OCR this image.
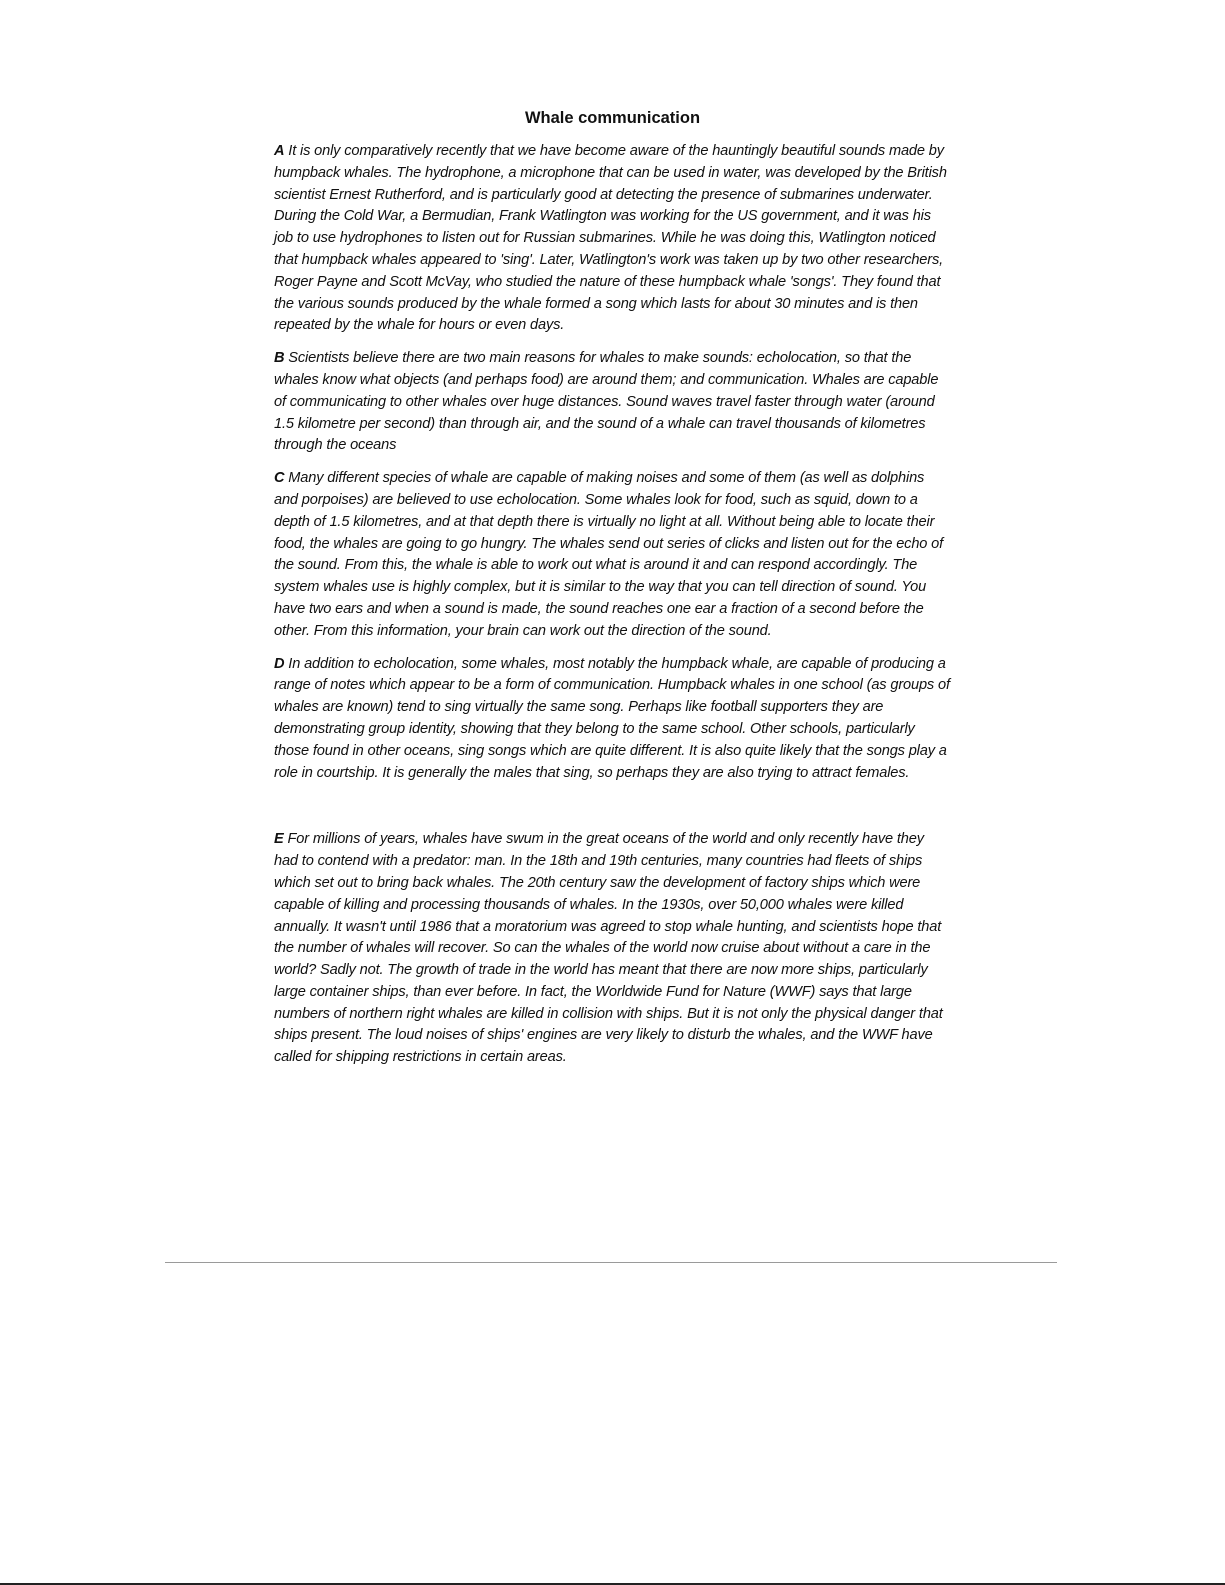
Whale communication

A It is only comparatively recently that we have become aware of the hauntingly beautiful sounds made by humpback whales. The hydrophone, a microphone that can be used in water, was developed by the British scientist Ernest Rutherford, and is particularly good at detecting the presence of submarines underwater. During the Cold War, a Bermudian, Frank Watlington was working for the US government, and it was his job to use hydrophones to listen out for Russian submarines. While he was doing this, Watlington noticed that humpback whales appeared to 'sing'. Later, Watlington's work was taken up by two other researchers, Roger Payne and Scott McVay, who studied the nature of these humpback whale 'songs'. They found that the various sounds produced by the whale formed a song which lasts for about 30 minutes and is then repeated by the whale for hours or even days.

B Scientists believe there are two main reasons for whales to make sounds: echolocation, so that the whales know what objects (and perhaps food) are around them; and communication. Whales are capable of communicating to other whales over huge distances. Sound waves travel faster through water (around 1.5 kilometre per second) than through air, and the sound of a whale can travel thousands of kilometres through the oceans

C Many different species of whale are capable of making noises and some of them (as well as dolphins and porpoises) are believed to use echolocation. Some whales look for food, such as squid, down to a depth of 1.5 kilometres, and at that depth there is virtually no light at all. Without being able to locate their food, the whales are going to go hungry. The whales send out series of clicks and listen out for the echo of the sound. From this, the whale is able to work out what is around it and can respond accordingly. The system whales use is highly complex, but it is similar to the way that you can tell direction of sound. You have two ears and when a sound is made, the sound reaches one ear a fraction of a second before the other. From this information, your brain can work out the direction of the sound.

D In addition to echolocation, some whales, most notably the humpback whale, are capable of producing a range of notes which appear to be a form of communication. Humpback whales in one school (as groups of whales are known) tend to sing virtually the same song. Perhaps like football supporters they are demonstrating group identity, showing that they belong to the same school. Other schools, particularly those found in other oceans, sing songs which are quite different. It is also quite likely that the songs play a role in courtship. It is generally the males that sing, so perhaps they are also trying to attract females.

E For millions of years, whales have swum in the great oceans of the world and only recently have they had to contend with a predator: man. In the 18th and 19th centuries, many countries had fleets of ships which set out to bring back whales. The 20th century saw the development of factory ships which were capable of killing and processing thousands of whales. In the 1930s, over 50,000 whales were killed annually. It wasn't until 1986 that a moratorium was agreed to stop whale hunting, and scientists hope that the number of whales will recover. So can the whales of the world now cruise about without a care in the world? Sadly not. The growth of trade in the world has meant that there are now more ships, particularly large container ships, than ever before. In fact, the Worldwide Fund for Nature (WWF) says that large numbers of northern right whales are killed in collision with ships. But it is not only the physical danger that ships present. The loud noises of ships' engines are very likely to disturb the whales, and the WWF have called for shipping restrictions in certain areas.
